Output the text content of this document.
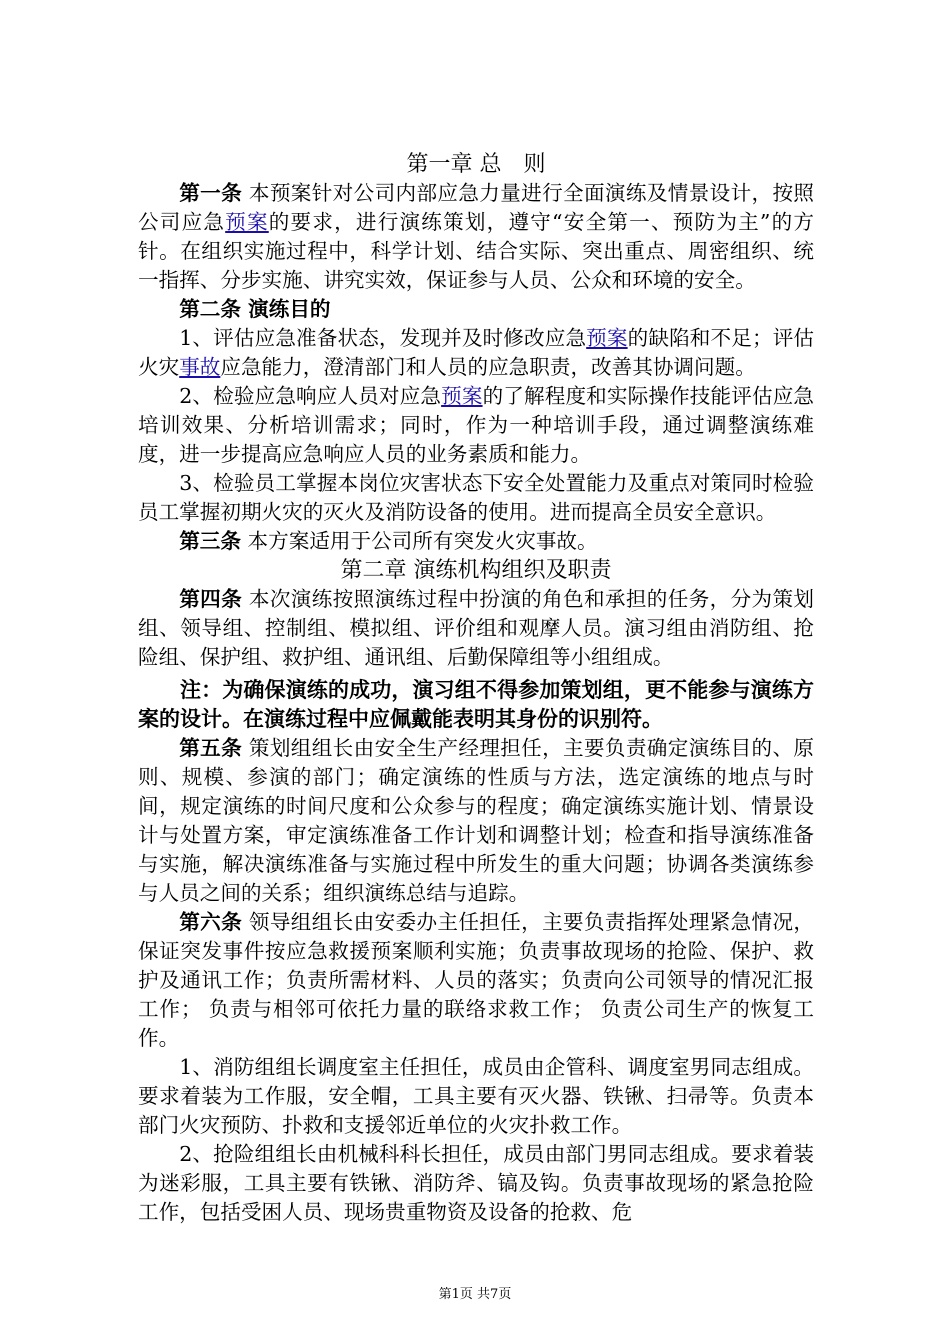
第一章 总　则

第一条 本预案针对公司内部应急力量进行全面演练及情景设计，按照公司应急预案的要求，进行演练策划，遵守“安全第一、预防为主”的方针。在组织实施过程中，科学计划、结合实际、突出重点、周密组织、统一指挥、分步实施、讲究实效，保证参与人员、公众和环境的安全。

第二条 演练目的

1、评估应急准备状态，发现并及时修改应急预案的缺陷和不足；评估火灾事故应急能力，澄清部门和人员的应急职责，改善其协调问题。

2、检验应急响应人员对应急预案的了解程度和实际操作技能评估应急培训效果、分析培训需求；同时，作为一种培训手段，通过调整演练难度，进一步提高应急响应人员的业务素质和能力。

3、检验员工掌握本岗位灾害状态下安全处置能力及重点对策同时检验员工掌握初期火灾的灭火及消防设备的使用。进而提高全员安全意识。

第三条 本方案适用于公司所有突发火灾事故。

第二章 演练机构组织及职责

第四条 本次演练按照演练过程中扮演的角色和承担的任务，分为策划组、领导组、控制组、模拟组、评价组和观摩人员。演习组由消防组、抢险组、保护组、救护组、通讯组、后勤保障组等小组组成。

注：为确保演练的成功，演习组不得参加策划组，更不能参与演练方案的设计。在演练过程中应佩戴能表明其身份的识别符。

第五条 策划组组长由安全生产经理担任，主要负责确定演练目的、原则、规模、参演的部门；确定演练的性质与方法，选定演练的地点与时间，规定演练的时间尺度和公众参与的程度；确定演练实施计划、情景设计与处置方案，审定演练准备工作计划和调整计划；检查和指导演练准备与实施，解决演练准备与实施过程中所发生的重大问题；协调各类演练参与人员之间的关系；组织演练总结与追踪。

第六条 领导组组长由安委办主任担任，主要负责指挥处理紧急情况，保证突发事件按应急救援预案顺利实施；负责事故现场的抢险、保护、救护及通讯工作；负责所需材料、人员的落实；负责向公司领导的情况汇报工作； 负责与相邻可依托力量的联络求救工作； 负责公司生产的恢复工作。

1、消防组组长调度室主任担任，成员由企管科、调度室男同志组成。要求着装为工作服，安全帽，工具主要有灭火器、铁锹、扫帚等。负责本部门火灾预防、扑救和支援邻近单位的火灾扑救工作。

2、抢险组组长由机械科科长担任，成员由部门男同志组成。要求着装为迷彩服，工具主要有铁锹、消防斧、镐及钩。负责事故现场的紧急抢险工作，包括受困人员、现场贵重物资及设备的抢救、危

第1页 共7页
